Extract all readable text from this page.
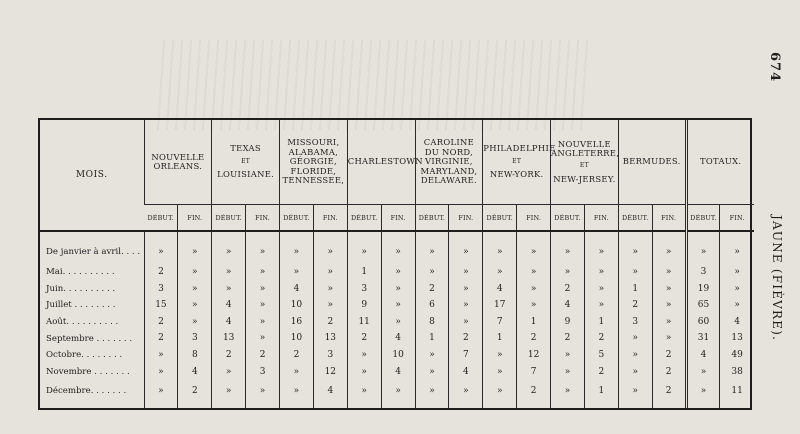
674
JAUNE (FIÈVRE).
MOIS.	NOUVELLE
ORLEANS.		TEXAS
ET
LOUISIANE.		MISSOURI,
ALABAMA,
GÉORGIE,
FLORIDE,
TENNESSEE,		CHARLESTOWN		CAROLINE
DU NORD,
VIRGINIE,
MARYLAND,
DELAWARE.		PHILADELPHIE
ET
NEW-YORK.		NOUVELLE
ANGLETERRE,
ET
NEW-JERSEY.		BERMUDES.		TOTAUX.	

	DÉBUT.	FIN.	DÉBUT.	FIN.	DÉBUT.	FIN.	DÉBUT.	FIN.	DÉBUT.	FIN.	DÉBUT.	FIN.	DÉBUT.	FIN.	DÉBUT.	FIN.	DÉBUT.	FIN.
De janvier à avril. . . .	»	»	»	»	»	»	»	»	»	»	»	»	»	»	»	»	»	»
Mai. . . . . . . . . .	2	»	»	»	»	»	1	»	»	»	»	»	»	»	»	»	3	»
Juin. . . . . . . . . .	3	»	»	»	4	»	3	»	2	»	4	»	2	»	1	»	19	»
Juillet . . . . . . . .	15	»	4	»	10	»	9	»	6	»	17	»	4	»	2	»	65	»
Août. . . . . . . . . .	2	»	4	»	16	2	11	»	8	»	7	1	9	1	3	»	60	4
Septembre . . . . . . .	2	3	13	»	10	13	2	4	1	2	1	2	2	2	»	»	31	13
Octobre. . . . . . . .	»	8	2	2	2	3	»	10	»	7	»	12	»	5	»	2	4	49
Novembre . . . . . . .	»	4	»	3	»	12	»	4	»	4	»	7	»	2	»	2	»	38
Décembre. . . . . . .	»	2	»	»	»	4	»	»	»	»	»	2	»	1	»	2	»	11
